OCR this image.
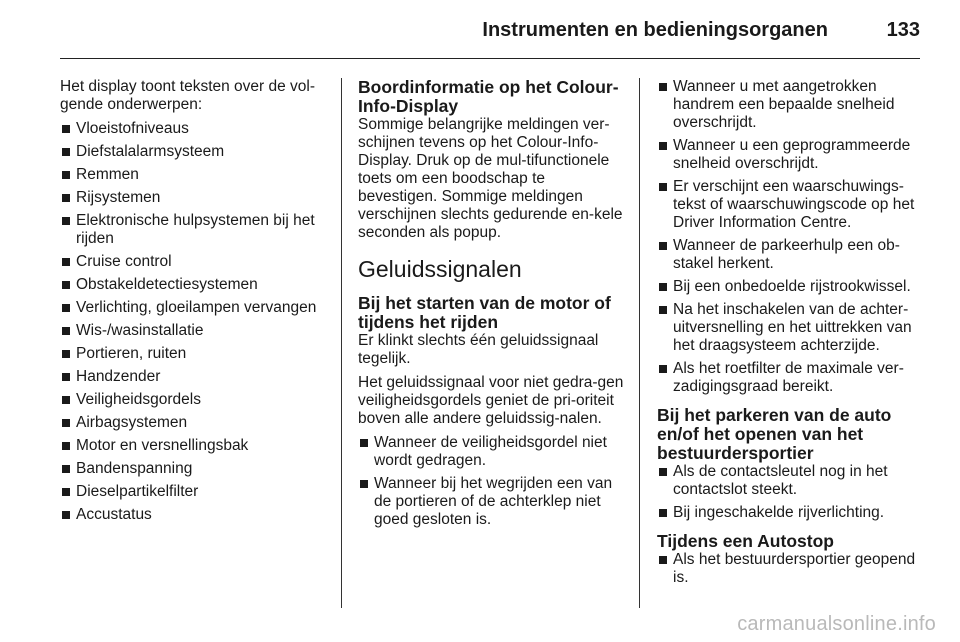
Instrumenten en bedieningsorganen	133

Het display toont teksten over de vol-gende onderwerpen:

Vloeistofniveaus
Diefstalalarmsysteem
Remmen
Rijsystemen
Elektronische hulpsystemen bij het rijden
Cruise control
Obstakeldetectiesystemen
Verlichting, gloeilampen vervangen
Wis-/wasinstallatie
Portieren, ruiten
Handzender
Veiligheidsgordels
Airbagsystemen
Motor en versnellingsbak
Bandenspanning
Dieselpartikelfilter
Accustatus
Boordinformatie op het Colour-Info-Display

Sommige belangrijke meldingen ver-schijnen tevens op het Colour-Info-Display. Druk op de mul-tifunctionele toets om een boodschap te bevestigen. Sommige meldingen verschijnen slechts gedurende en-kele seconden als popup.

Geluidssignalen
Bij het starten van de motor of tijdens het rijden

Er klinkt slechts één geluidssignaal tegelijk.

Het geluidssignaal voor niet gedra-gen veiligheidsgordels geniet de pri-oriteit boven alle andere geluidssig-nalen.

Wanneer de veiligheidsgordel niet wordt gedragen.
Wanneer bij het wegrijden een van de portieren of de achterklep niet goed gesloten is.
Wanneer u met aangetrokken handrem een bepaalde snelheid overschrijdt.
Wanneer u een geprogrammeerde snelheid overschrijdt.
Er verschijnt een waarschuwings-tekst of waarschuwingscode op het Driver Information Centre.
Wanneer de parkeerhulp een ob-stakel herkent.
Bij een onbedoelde rijstrookwissel.
Na het inschakelen van de achter-uitversnelling en het uittrekken van het draagsysteem achterzijde.
Als het roetfilter de maximale ver-zadigingsgraad bereikt.
Bij het parkeren van de auto en/of het openen van het bestuurdersportier
Als de contactsleutel nog in het contactslot steekt.
Bij ingeschakelde rijverlichting.
Tijdens een Autostop
Als het bestuurdersportier geopend is.
carmanualsonline.info
